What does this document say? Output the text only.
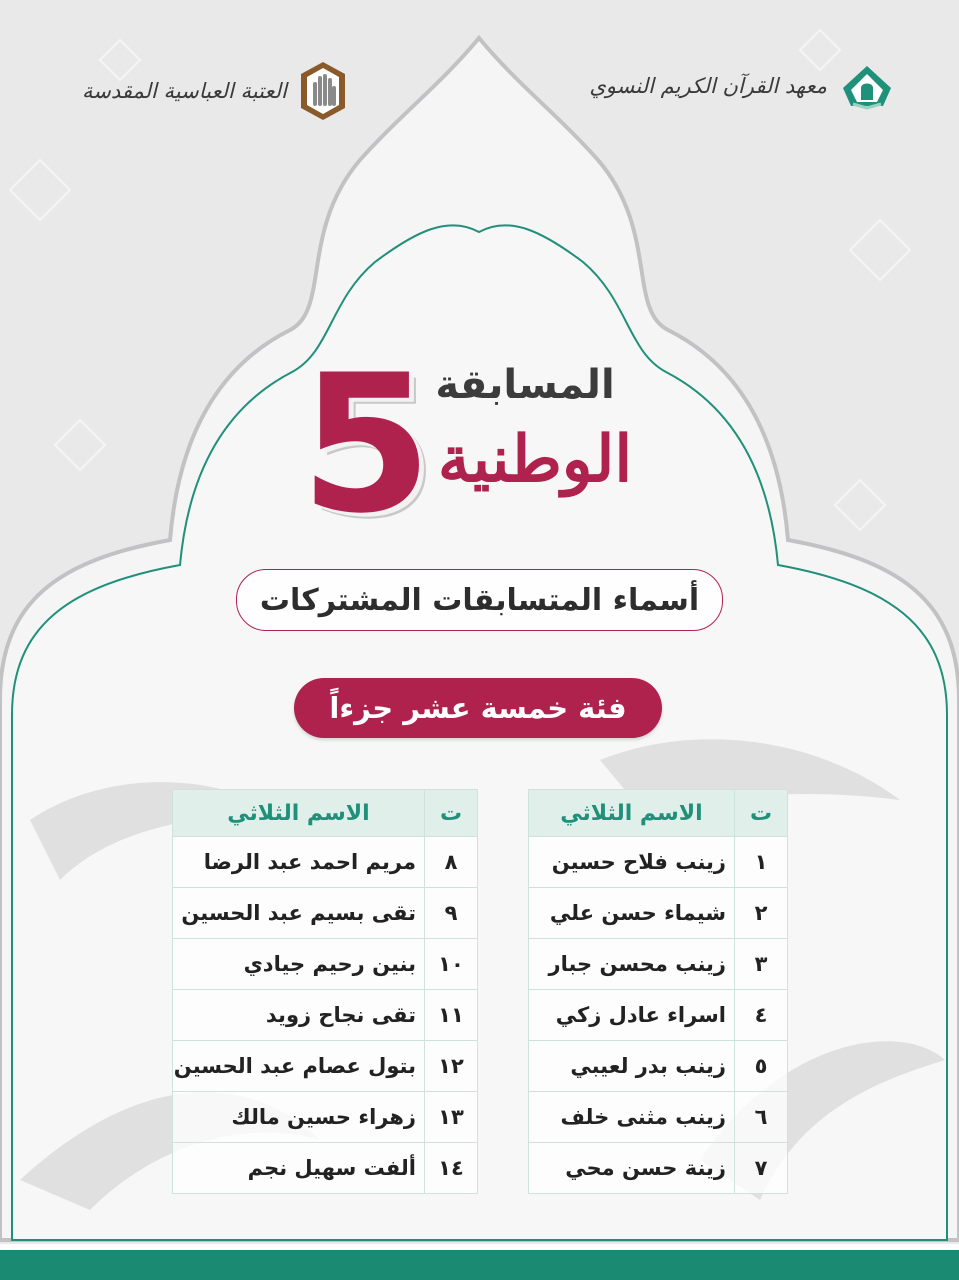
معهد القرآن الكريم النسوي
العتبة العباسية المقدسة
المسابقة
5 الوطنية
أسماء المتسابقات المشتركات
فئة خمسة عشر جزءاً
ت	الاسم الثلاثي
١	زينب فلاح حسين
٢	شيماء حسن علي
٣	زينب محسن جبار
٤	اسراء عادل زكي
٥	زينب بدر لعيبي
٦	زينب مثنى خلف
٧	زينة حسن محي
ت	الاسم الثلاثي
٨	مريم احمد عبد الرضا
٩	تقى بسيم عبد الحسين
١٠	بنين رحيم جيادي
١١	تقى نجاح زويد
١٢	بتول عصام عبد الحسين
١٣	زهراء حسين مالك
١٤	ألفت سهيل نجم
